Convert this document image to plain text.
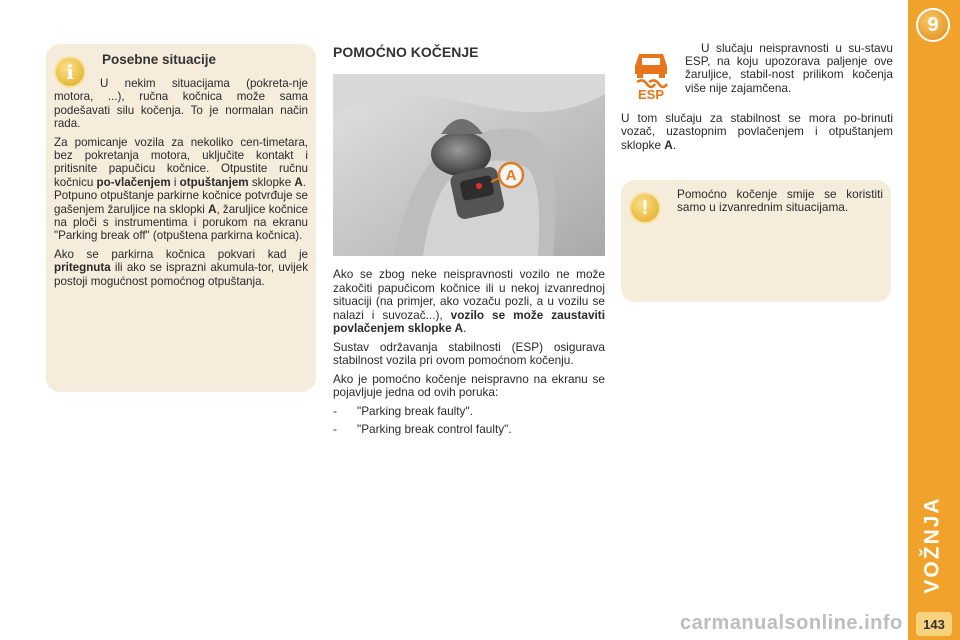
i
Posebne situacije

U nekim situacijama (pokreta-nje motora, ...), ručna kočnica može sama podešavati silu kočenja. To je normalan način rada.

Za pomicanje vozila za nekoliko cen-timetara, bez pokretanja motora, uključite kontakt i pritisnite papučicu kočnice. Otpustite ručnu kočnicu po-vlačenjem i otpuštanjem sklopke A.
Potpuno otpuštanje parkirne kočnice potvrđuje se gašenjem žaruljice na sklopki A, žaruljice kočnice na ploči s instrumentima i porukom na ekranu "Parking break off" (otpuštena parkirna kočnica).

Ako se parkirna kočnica pokvari kad je pritegnuta ili ako se isprazni akumula-tor, uvijek postoji mogućnost pomoćnog otpuštanja.

POMOĆNO KOČENJE
A

Ako se zbog neke neispravnosti vozilo ne može zakočiti papučicom kočnice ili u nekoj izvanrednoj situaciji (na primjer, ako vozaču pozli, a u vozilu se nalazi i suvozač...), vozilo se može zaustaviti povlačenjem sklopke A.

Sustav održavanja stabilnosti (ESP) osigurava stabilnost vozila pri ovom pomoćnom kočenju.

Ako je pomoćno kočenje neispravno na ekranu se pojavljuje jedna od ovih poruka:

-	"Parking break faulty".
-	"Parking break control faulty".
ESP

U slučaju neispravnosti u su-stavu ESP, na koju upozorava paljenje ove žaruljice, stabil-nost prilikom kočenja više nije zajamčena.

U tom slučaju za stabilnost se mora po-brinuti vozač, uzastopnim povlačenjem i otpuštanjem sklopke A.
!
Pomoćno kočenje smije se koristiti samo u izvanrednim situacijama.
9
VOŽNJA
143
carmanualsonline.info
